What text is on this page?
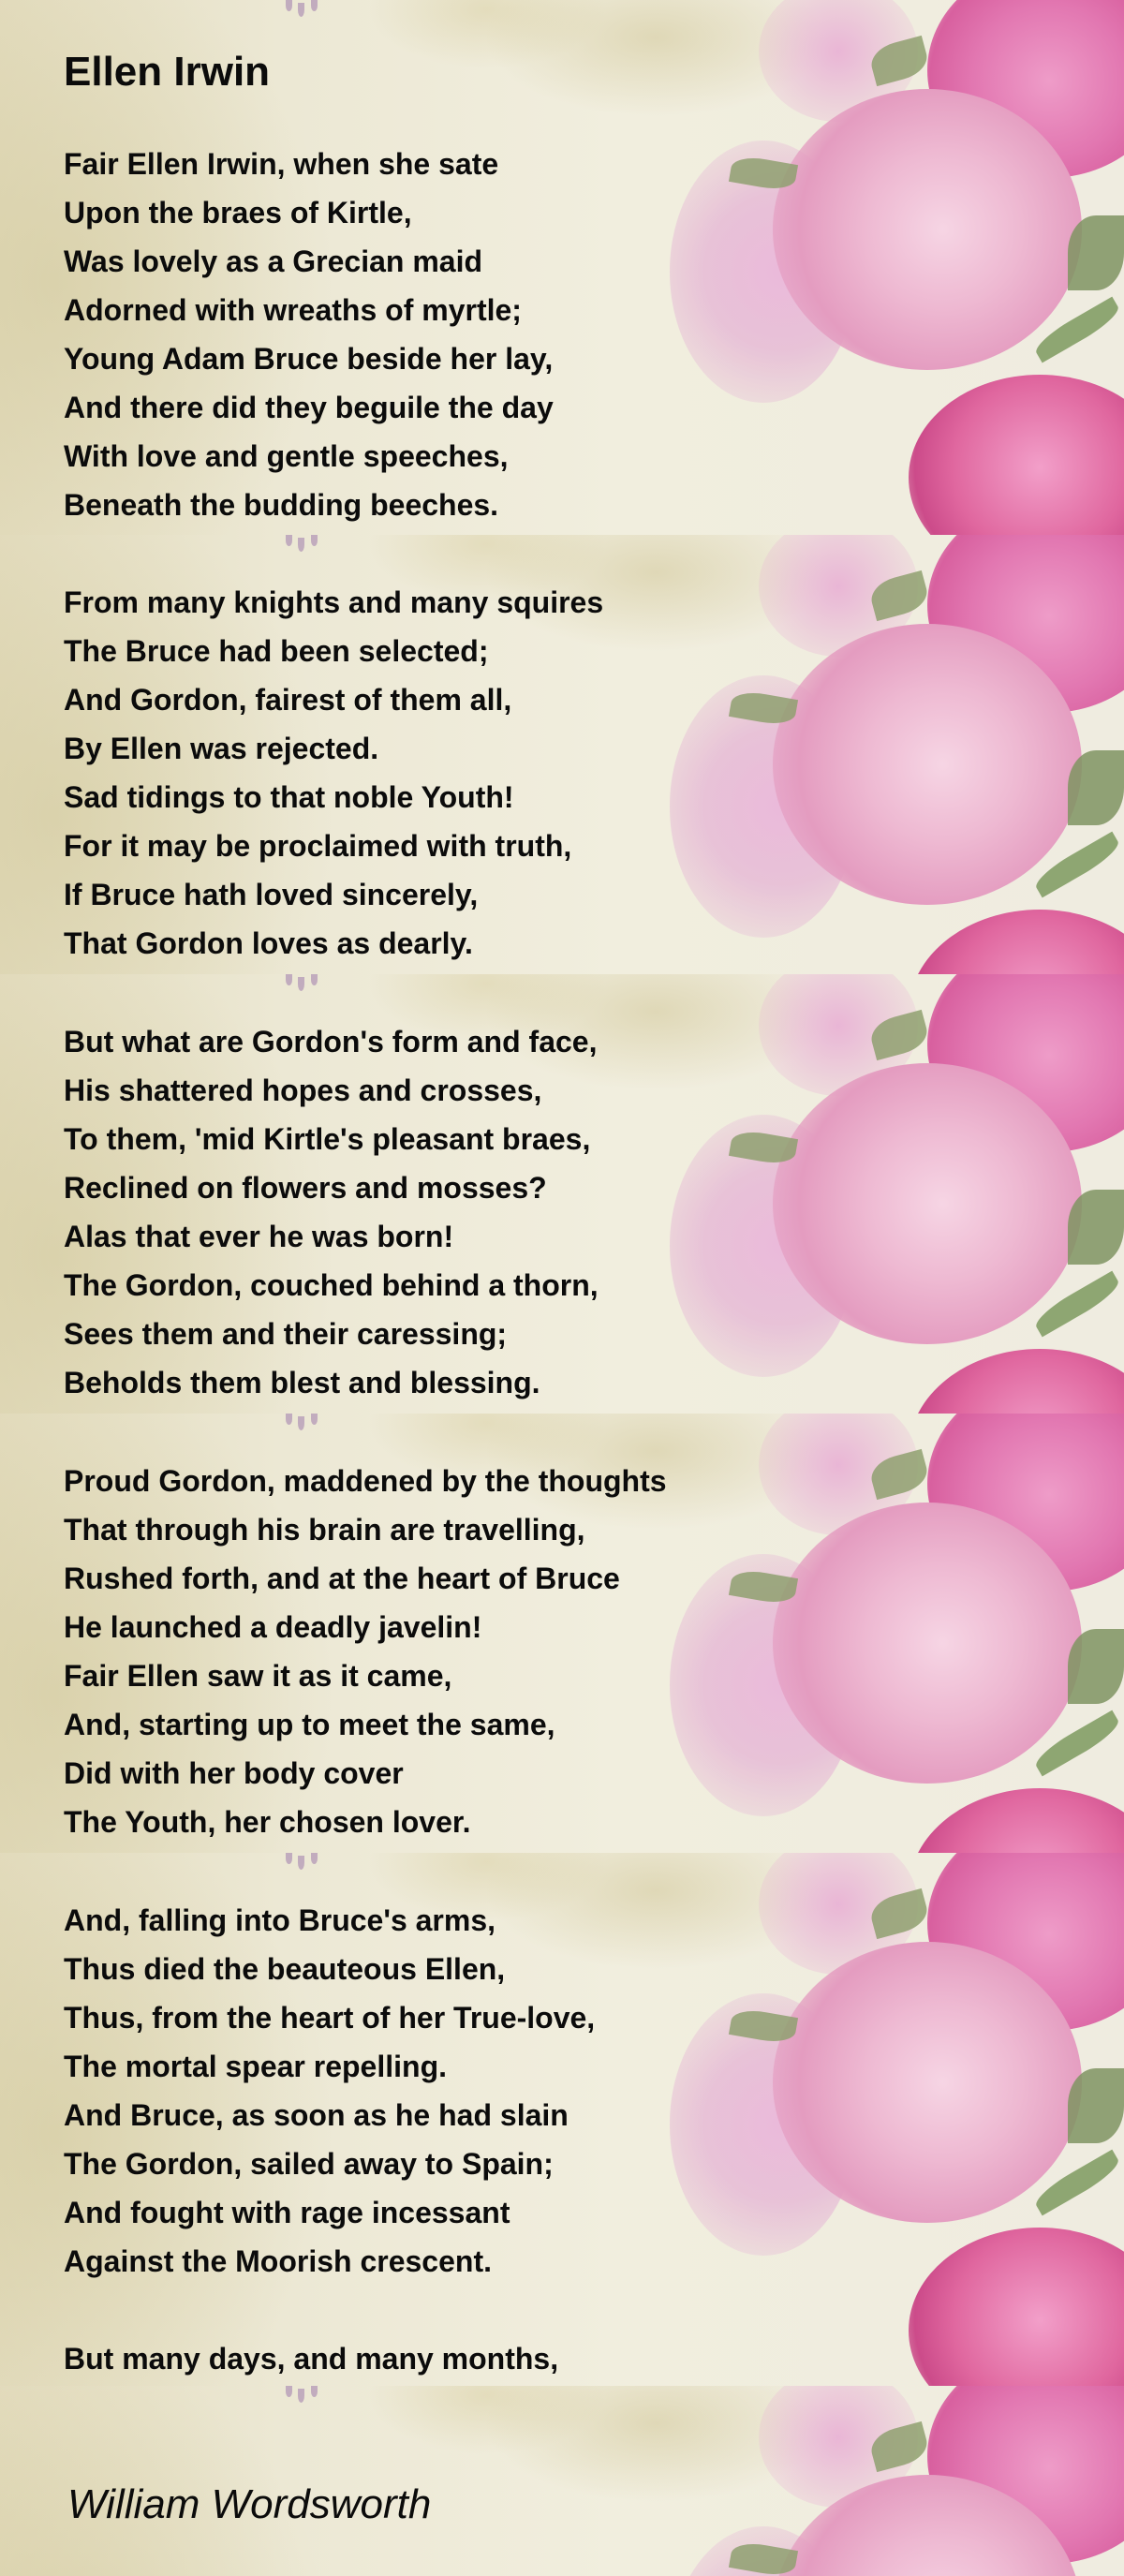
Ellen Irwin
Fair Ellen Irwin, when she sate
Upon the braes of Kirtle,
Was lovely as a Grecian maid
Adorned with wreaths of myrtle;
Young Adam Bruce beside her lay,
And there did they beguile the day
With love and gentle speeches,
Beneath the budding beeches.
From many knights and many squires
The Bruce had been selected;
And Gordon, fairest of them all,
By Ellen was rejected.
Sad tidings to that noble Youth!
For it may be proclaimed with truth,
If Bruce hath loved sincerely,
That Gordon loves as dearly.
But what are Gordon's form and face,
His shattered hopes and crosses,
To them, 'mid Kirtle's pleasant braes,
Reclined on flowers and mosses?
Alas that ever he was born!
The Gordon, couched behind a thorn,
Sees them and their caressing;
Beholds them blest and blessing.
Proud Gordon, maddened by the thoughts
That through his brain are travelling,
Rushed forth, and at the heart of Bruce
He launched a deadly javelin!
Fair Ellen saw it as it came,
And, starting up to meet the same,
Did with her body cover
The Youth, her chosen lover.
And, falling into Bruce's arms,
Thus died the beauteous Ellen,
Thus, from the heart of her True-love,
The mortal spear repelling.
And Bruce, as soon as he had slain
The Gordon, sailed away to Spain;
And fought with rage incessant
Against the Moorish crescent.
But many days, and many months,

William Wordsworth
